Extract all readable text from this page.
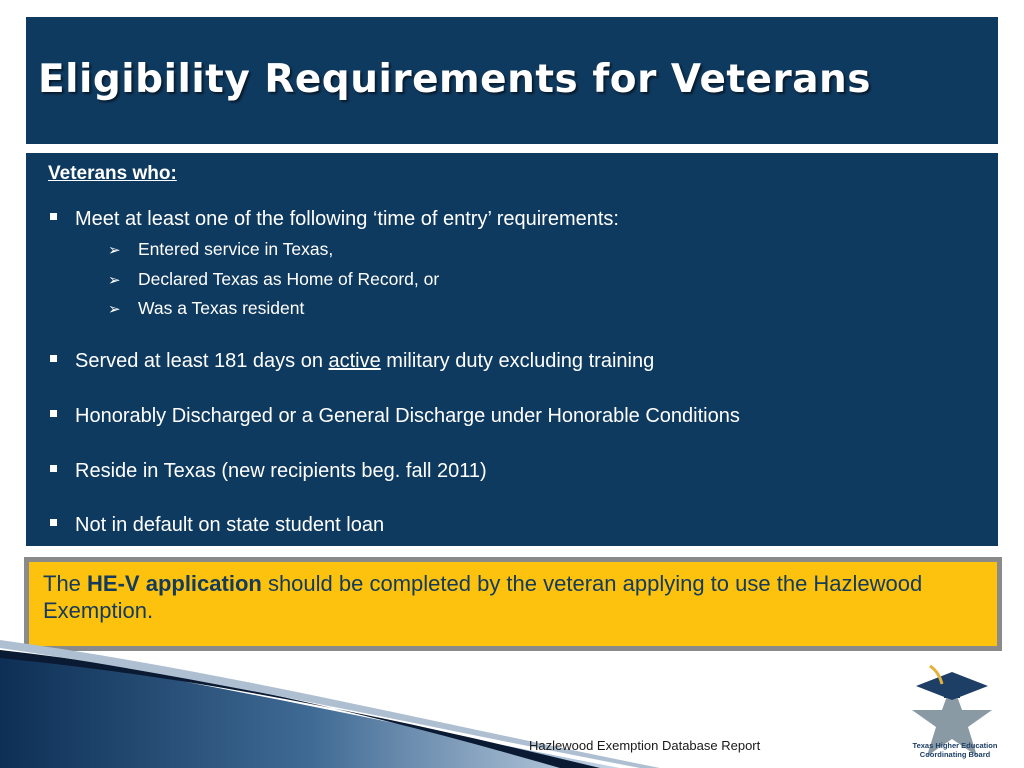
Eligibility Requirements for Veterans
Veterans who:
Meet at least one of the following ‘time of entry’ requirements:
➢ Entered service in Texas,
➢ Declared Texas as Home of Record, or
➢ Was a Texas resident
Served at least 181 days on active military duty excluding training
Honorably Discharged or a General Discharge under Honorable Conditions
Reside in Texas (new recipients beg. fall 2011)
Not in default on state student loan
The HE-V application should be completed by the veteran applying to use the Hazlewood Exemption.
Hazlewood Exemption Database Report	Texas Higher Education
Coordinating Board
